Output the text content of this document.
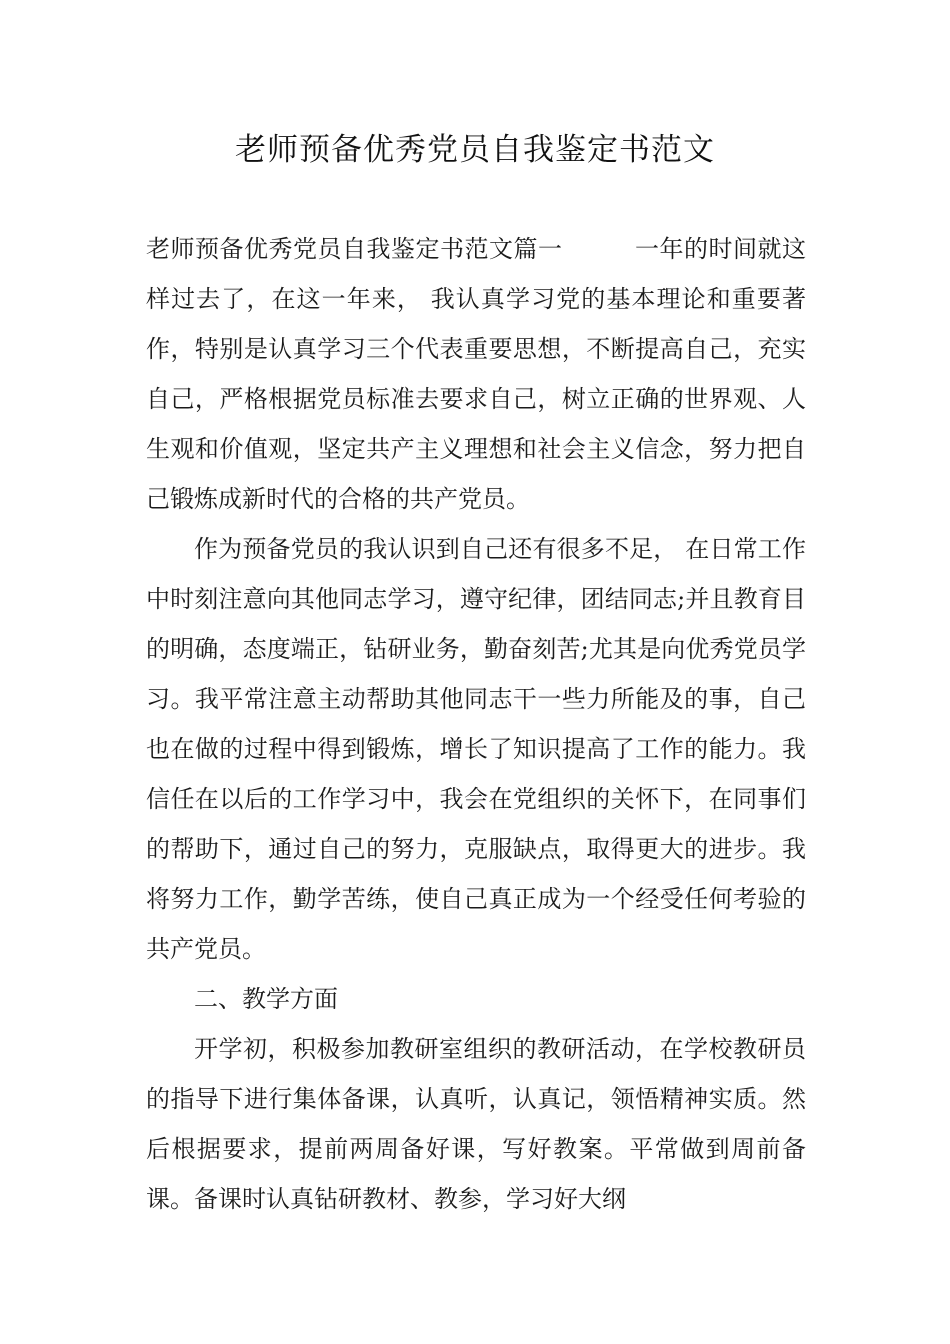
老师预备优秀党员自我鉴定书范文

老师预备优秀党员自我鉴定书范文篇一	一年的时间就这样过去了，在这一年来， 我认真学习党的基本理论和重要著作，特别是认真学习三个代表重要思想，不断提高自己，充实自己，严格根据党员标准去要求自己，树立正确的世界观、人生观和价值观，坚定共产主义理想和社会主义信念，努力把自己锻炼成新时代的合格的共产党员。

作为预备党员的我认识到自己还有很多不足， 在日常工作中时刻注意向其他同志学习，遵守纪律，团结同志;并且教育目的明确，态度端正，钻研业务，勤奋刻苦;尤其是向优秀党员学习。我平常注意主动帮助其他同志干一些力所能及的事，自己也在做的过程中得到锻炼，增长了知识提高了工作的能力。我信任在以后的工作学习中，我会在党组织的关怀下，在同事们的帮助下，通过自己的努力，克服缺点，取得更大的进步。我将努力工作，勤学苦练，使自己真正成为一个经受任何考验的共产党员。

二、教学方面

开学初，积极参加教研室组织的教研活动，在学校教研员的指导下进行集体备课，认真听，认真记，领悟精神实质。然后根据要求，提前两周备好课，写好教案。平常做到周前备课。备课时认真钻研教材、教参，学习好大纲
